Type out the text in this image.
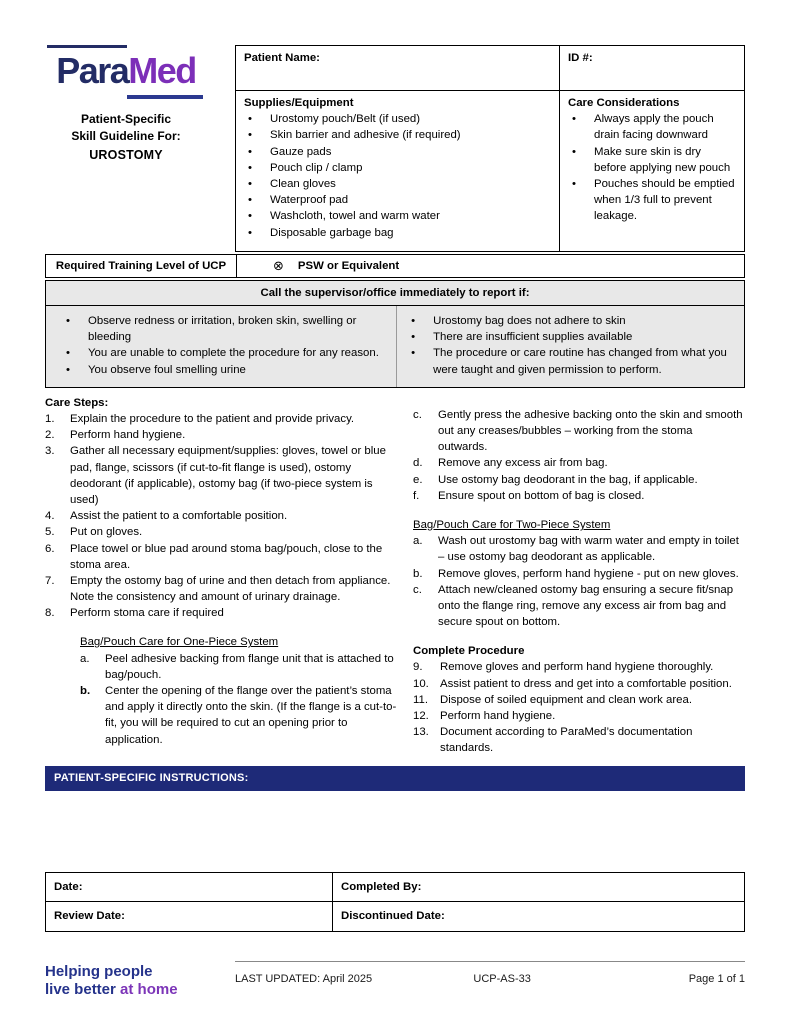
ParaMed
Patient-Specific
Skill Guideline For:
UROSTOMY
Patient Name:	ID #:
Supplies/Equipment
•	Urostomy pouch/Belt (if used)
•	Skin barrier and adhesive (if required)
•	Gauze pads
•	Pouch clip / clamp
•	Clean gloves
•	Waterproof pad
•	Washcloth, towel and warm water
•	Disposable garbage bag
Care Considerations
•	Always apply the pouch drain facing downward
•	Make sure skin is dry before applying new pouch
•	Pouches should be emptied when 1/3 full to prevent leakage.
Required Training Level of UCP	⊗ PSW or Equivalent
Call the supervisor/office immediately to report if:
•	Observe redness or irritation, broken skin, swelling or bleeding
•	You are unable to complete the procedure for any reason.
•	You observe foul smelling urine
•	Urostomy bag does not adhere to skin
•	There are insufficient supplies available
•	The procedure or care routine has changed from what you were taught and given permission to perform.
Care Steps:
1.	Explain the procedure to the patient and provide privacy.
2.	Perform hand hygiene.
3.	Gather all necessary equipment/supplies: gloves, towel or blue pad, flange, scissors (if cut-to-fit flange is used), ostomy deodorant (if applicable), ostomy bag (if two-piece system is used)
4.	Assist the patient to a comfortable position.
5.	Put on gloves.
6.	Place towel or blue pad around stoma bag/pouch, close to the stoma area.
7.	Empty the ostomy bag of urine and then detach from appliance. Note the consistency and amount of urinary drainage.
8.	Perform stoma care if required
Bag/Pouch Care for One-Piece System
a.	Peel adhesive backing from flange unit that is attached to bag/pouch.
b.	Center the opening of the flange over the patient’s stoma and apply it directly onto the skin. (If the flange is a cut-to-fit, you will be required to cut an opening prior to application.
c.	Gently press the adhesive backing onto the skin and smooth out any creases/bubbles – working from the stoma outwards.
d.	Remove any excess air from bag.
e.	Use ostomy bag deodorant in the bag, if applicable.
f.	Ensure spout on bottom of bag is closed.
Bag/Pouch Care for Two-Piece System
a.	Wash out urostomy bag with warm water and empty in toilet – use ostomy bag deodorant as applicable.
b.	Remove gloves, perform hand hygiene - put on new gloves.
c.	Attach new/cleaned ostomy bag ensuring a secure fit/snap onto the flange ring, remove any excess air from bag and secure spout on bottom.
Complete Procedure
9.	Remove gloves and perform hand hygiene thoroughly.
10. Assist patient to dress and get into a comfortable position.
11.	Dispose of soiled equipment and clean work area.
12. Perform hand hygiene.
13. Document according to ParaMed’s documentation standards.
PATIENT-SPECIFIC INSTRUCTIONS:
Date:	Completed By:
Review Date:	Discontinued Date:
Helping people
live better at home
LAST UPDATED: April 2025	UCP-AS-33	Page 1 of 1
